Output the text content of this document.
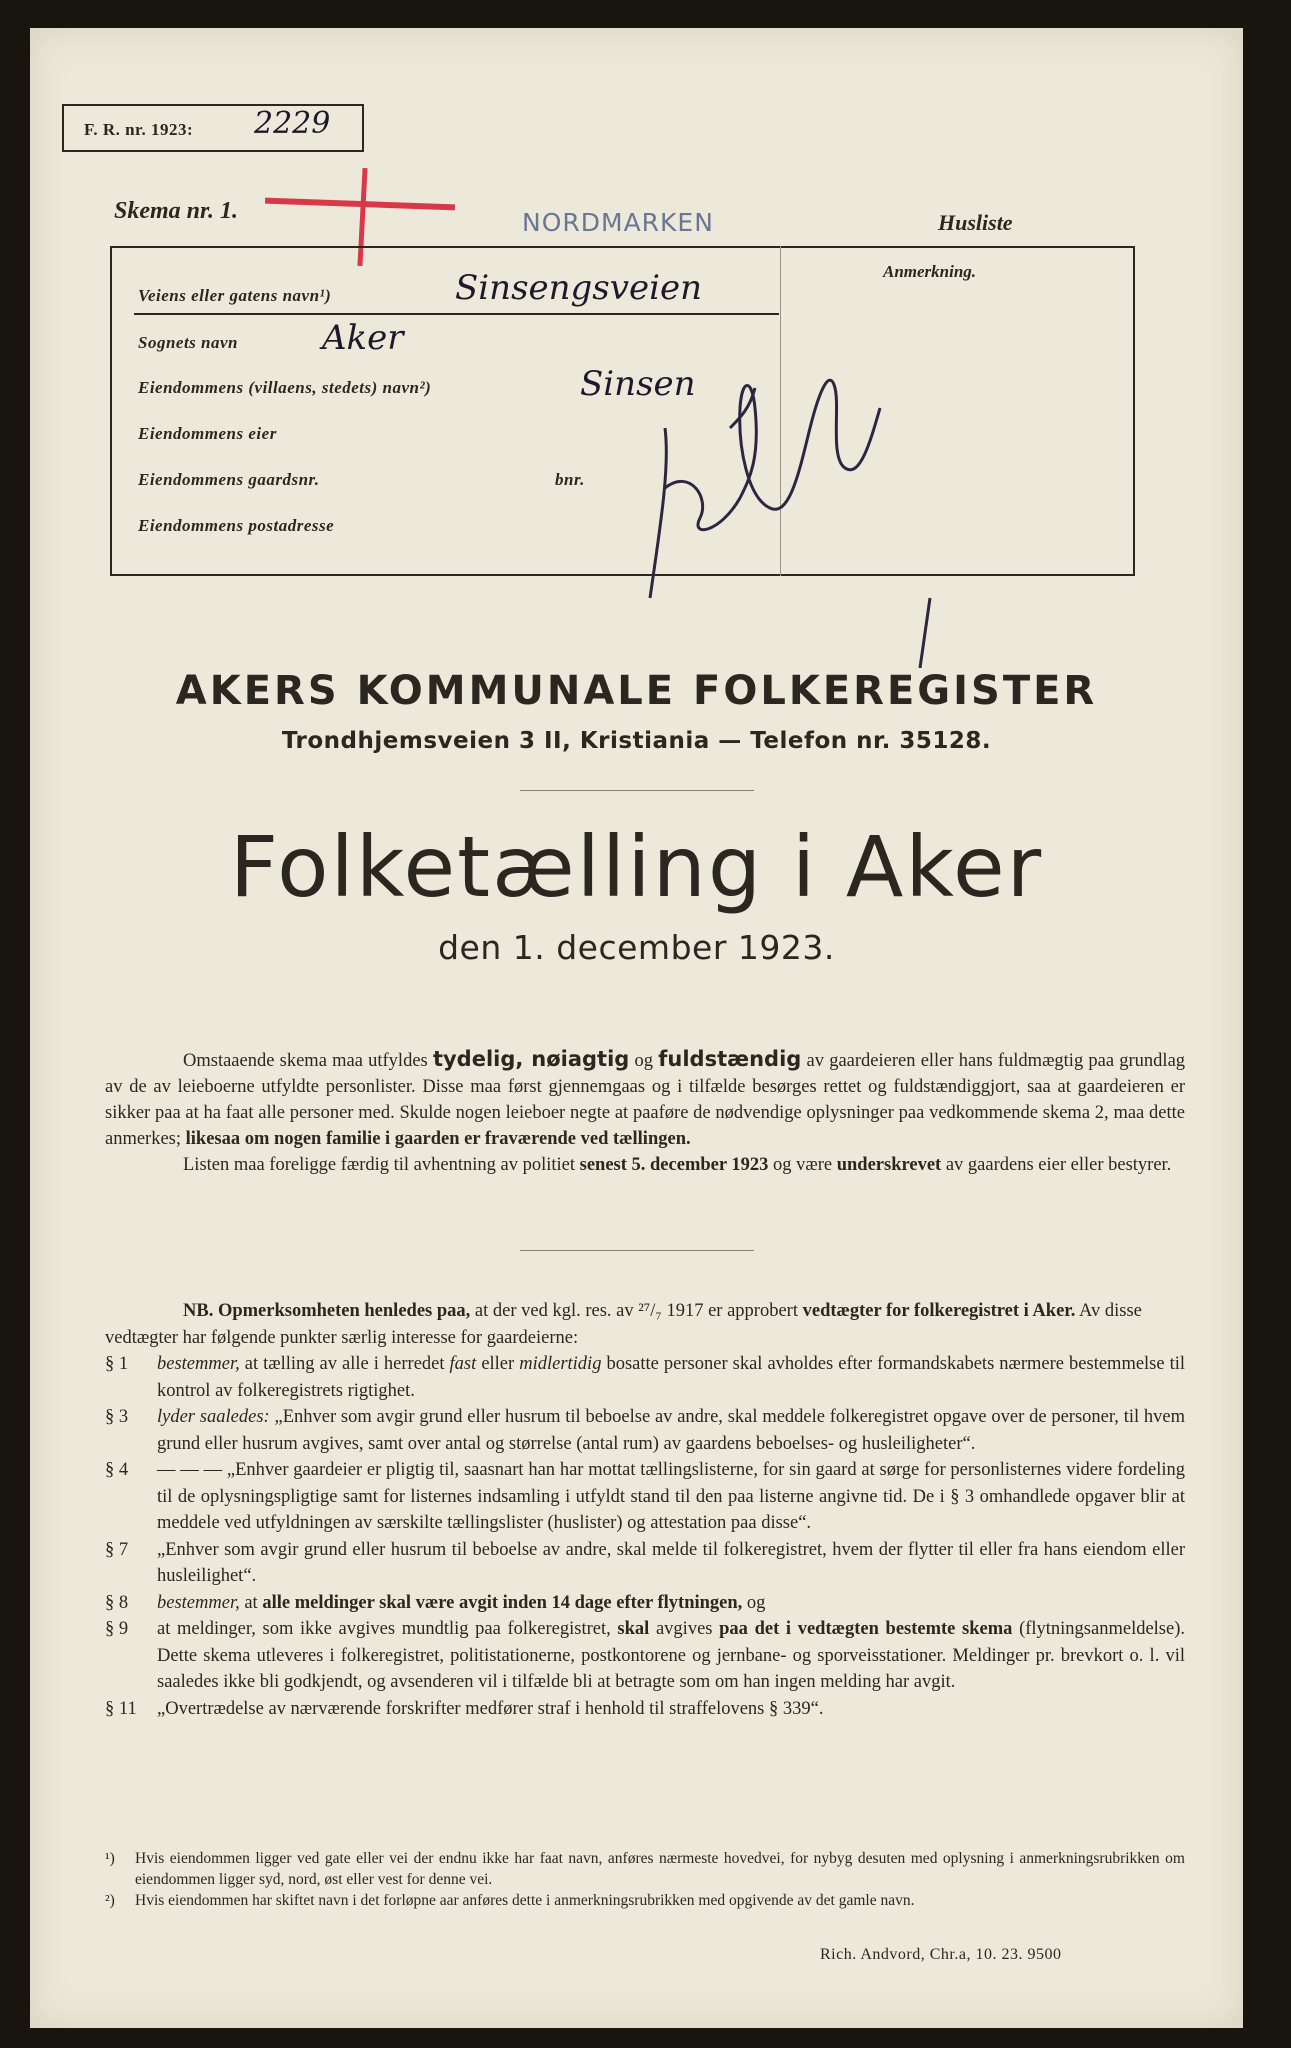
F. R. nr. 1923: 2229
Skema nr. 1.	NORDMARKEN	Husliste
Anmerkning.
Veiens eller gatens navn¹)	Sinsengsveien
Sognets navn Aker
Eiendommens (villaens, stedets) navn²)	Sinsen
Eiendommens eier
Eiendommens gaardsnr.	bnr.
Eiendommens postadresse
AKERS KOMMUNALE FOLKEREGISTER
Trondhjemsveien 3 II, Kristiania — Telefon nr. 35128.
Folketælling i Aker
den 1. december 1923.

Omstaaende skema maa utfyldes tydelig, nøiagtig og fuldstændig av gaardeieren eller hans fuldmægtig paa grundlag av de av leieboerne utfyldte personlister. Disse maa først gjennemgaas og i tilfælde besørges rettet og fuldstændiggjort, saa at gaardeieren er sikker paa at ha faat alle personer med. Skulde nogen leieboer negte at paaføre de nødvendige oplysninger paa vedkommende skema 2, maa dette anmerkes; likesaa om nogen familie i gaarden er fraværende ved tællingen.

Listen maa foreligge færdig til avhentning av politiet senest 5. december 1923 og være underskrevet av gaardens eier eller bestyrer.

NB. Opmerksomheten henledes paa, at der ved kgl. res. av ²⁷/₇ 1917 er approbert vedtægter for folkeregistret i Aker. Av disse vedtægter har følgende punkter særlig interesse for gaardeierne:

§ 1	bestemmer, at tælling av alle i herredet fast eller midlertidig bosatte personer skal avholdes efter formandskabets nærmere bestemmelse til kontrol av folkeregistrets rigtighet.
§ 3	lyder saaledes: „Enhver som avgir grund eller husrum til beboelse av andre, skal meddele folkeregistret opgave over de personer, til hvem grund eller husrum avgives, samt over antal og størrelse (antal rum) av gaardens beboelses- og husleiligheter“.
§ 4	— — — „Enhver gaardeier er pligtig til, saasnart han har mottat tællingslisterne, for sin gaard at sørge for personlisternes videre fordeling til de oplysningspligtige samt for listernes indsamling i utfyldt stand til den paa listerne angivne tid. De i § 3 omhandlede opgaver blir at meddele ved utfyldningen av særskilte tællingslister (huslister) og attestation paa disse“.
§ 7	„Enhver som avgir grund eller husrum til beboelse av andre, skal melde til folkeregistret, hvem der flytter til eller fra hans eiendom eller husleilighet“.
§ 8	bestemmer, at alle meldinger skal være avgit inden 14 dage efter flytningen, og
§ 9	at meldinger, som ikke avgives mundtlig paa folkeregistret, skal avgives paa det i vedtægten bestemte skema (flytningsanmeldelse). Dette skema utleveres i folkeregistret, politistationerne, postkontorene og jernbane- og sporveisstationer. Meldinger pr. brevkort o. l. vil saaledes ikke bli godkjendt, og avsenderen vil i tilfælde bli at betragte som om han ingen melding har avgit.
§ 11	„Overtrædelse av nærværende forskrifter medfører straf i henhold til straffelovens § 339“.

¹)	Hvis eiendommen ligger ved gate eller vei der endnu ikke har faat navn, anføres nærmeste hovedvei, for nybyg desuten med oplysning i anmerkningsrubrikken om eiendommen ligger syd, nord, øst eller vest for denne vei.

²)	Hvis eiendommen har skiftet navn i det forløpne aar anføres dette i anmerkningsrubrikken med opgivende av det gamle navn.

Rich. Andvord, Chr.a, 10. 23. 9500
